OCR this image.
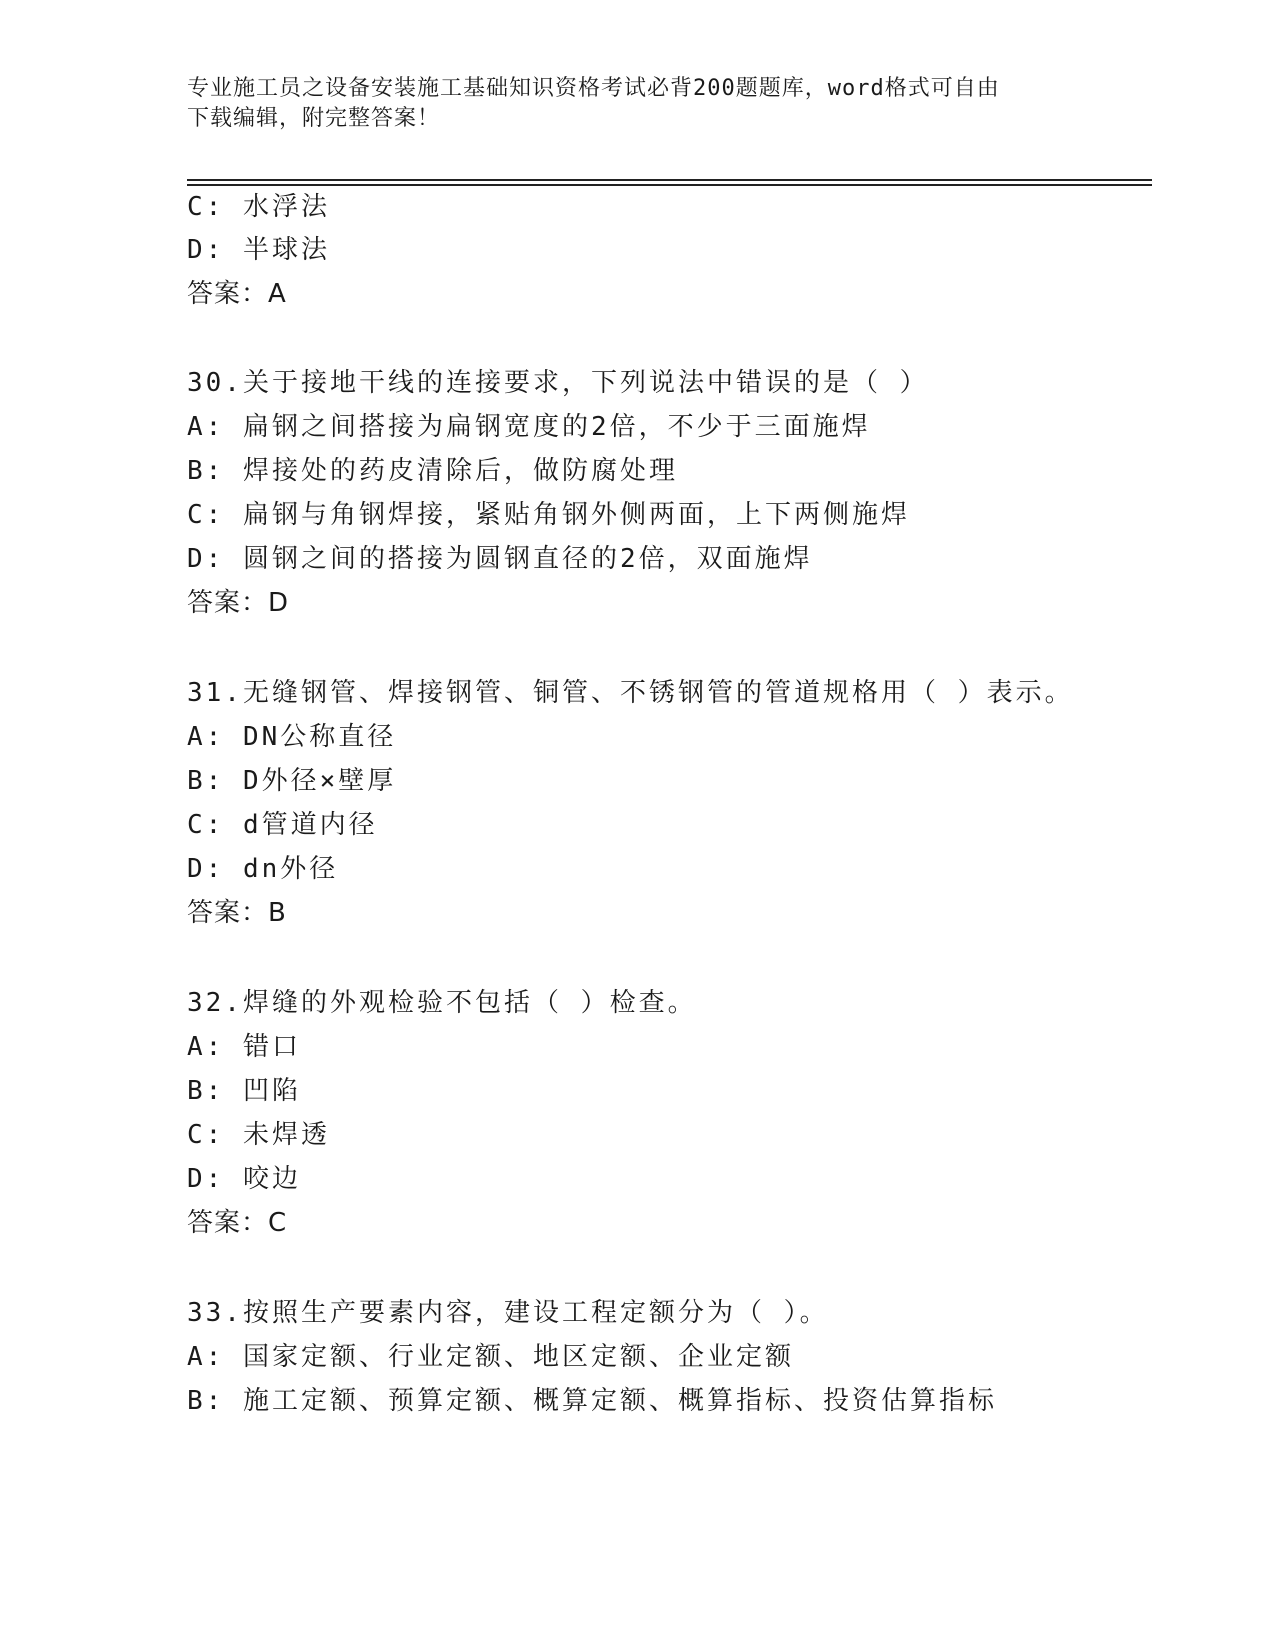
专业施工员之设备安装施工基础知识资格考试必背200题题库，word格式可自由
下载编辑，附完整答案！
C: 水浮法
D: 半球法
答案：A
30.关于接地干线的连接要求，下列说法中错误的是（ ）
A: 扁钢之间搭接为扁钢宽度的2倍，不少于三面施焊
B: 焊接处的药皮清除后，做防腐处理
C: 扁钢与角钢焊接，紧贴角钢外侧两面，上下两侧施焊
D: 圆钢之间的搭接为圆钢直径的2倍，双面施焊
答案：D
31.无缝钢管、焊接钢管、铜管、不锈钢管的管道规格用（ ）表示。
A: DN公称直径
B: D外径×壁厚
C: d管道内径
D: dn外径
答案：B
32.焊缝的外观检验不包括（ ）检查。
A: 错口
B: 凹陷
C: 未焊透
D: 咬边
答案：C
33.按照生产要素内容，建设工程定额分为（ ）。
A: 国家定额、行业定额、地区定额、企业定额
B: 施工定额、预算定额、概算定额、概算指标、投资估算指标
